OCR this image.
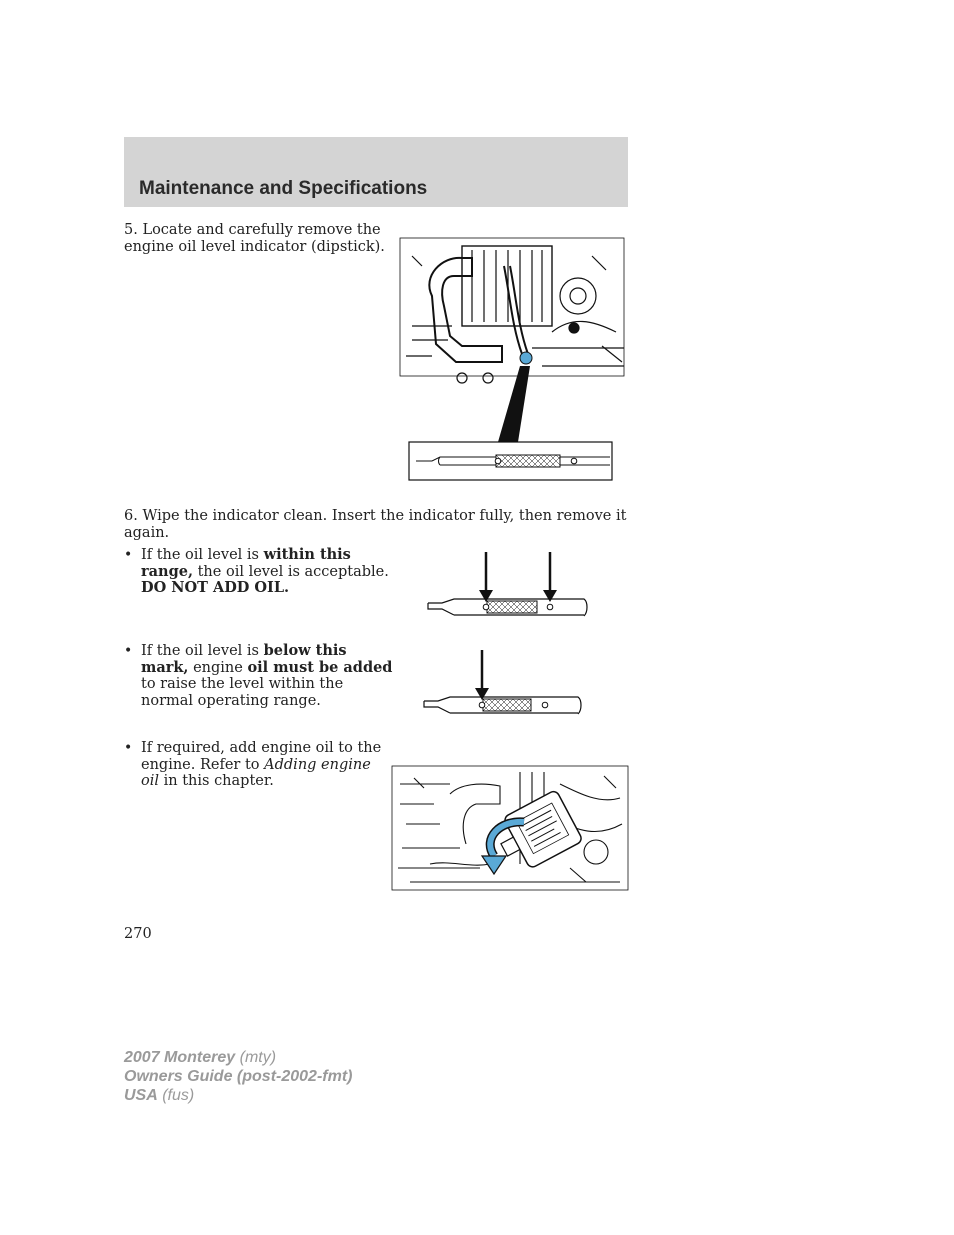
Maintenance and Specifications
5. Locate and carefully remove the
engine oil level indicator (dipstick).
6. Wipe the indicator clean. Insert the indicator fully, then remove it
again.
• If the oil level is within this
range, the oil level is acceptable.
DO NOT ADD OIL.
• If the oil level is below this
mark, engine oil must be added
to raise the level within the
normal operating range.
• If required, add engine oil to the
engine. Refer to Adding engine
oil in this chapter.
270
2007 Monterey (mty)
Owners Guide (post-2002-fmt)
USA (fus)
